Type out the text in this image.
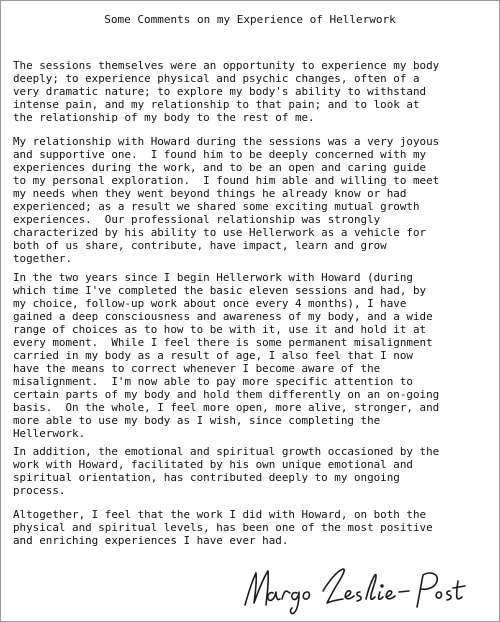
Some Comments on my Experience of Hellerwork

The sessions themselves were an opportunity to experience my body
deeply; to experience physical and psychic changes, often of a
very dramatic nature; to explore my body's ability to withstand
intense pain, and my relationship to that pain; and to look at
the relationship of my body to the rest of me.

My relationship with Howard during the sessions was a very joyous
and supportive one.  I found him to be deeply concerned with my
experiences during the work, and to be an open and caring guide
to my personal exploration.  I found him able and willing to meet
my needs when they went beyond things he already know or had
experienced; as a result we shared some exciting mutual growth
experiences.  Our professional relationship was strongly
characterized by his ability to use Hellerwork as a vehicle for
both of us share, contribute, have impact, learn and grow
together.

In the two years since I begin Hellerwork with Howard (during
which time I've completed the basic eleven sessions and had, by
my choice, follow-up work about once every 4 months), I have
gained a deep consciousness and awareness of my body, and a wide
range of choices as to how to be with it, use it and hold it at
every moment.  While I feel there is some permanent misalignment
carried in my body as a result of age, I also feel that I now
have the means to correct whenever I become aware of the
misalignment.  I'm now able to pay more specific attention to
certain parts of my body and hold them differently on an on-going
basis.  On the whole, I feel more open, more alive, stronger, and
more able to use my body as I wish, since completing the
Hellerwork.

In addition, the emotional and spiritual growth occasioned by the
work with Howard, facilitated by his own unique emotional and
spiritual orientation, has contributed deeply to my ongoing
process.

Altogether, I feel that the work I did with Howard, on both the
physical and spiritual levels, has been one of the most positive
and enriching experiences I have ever had.
